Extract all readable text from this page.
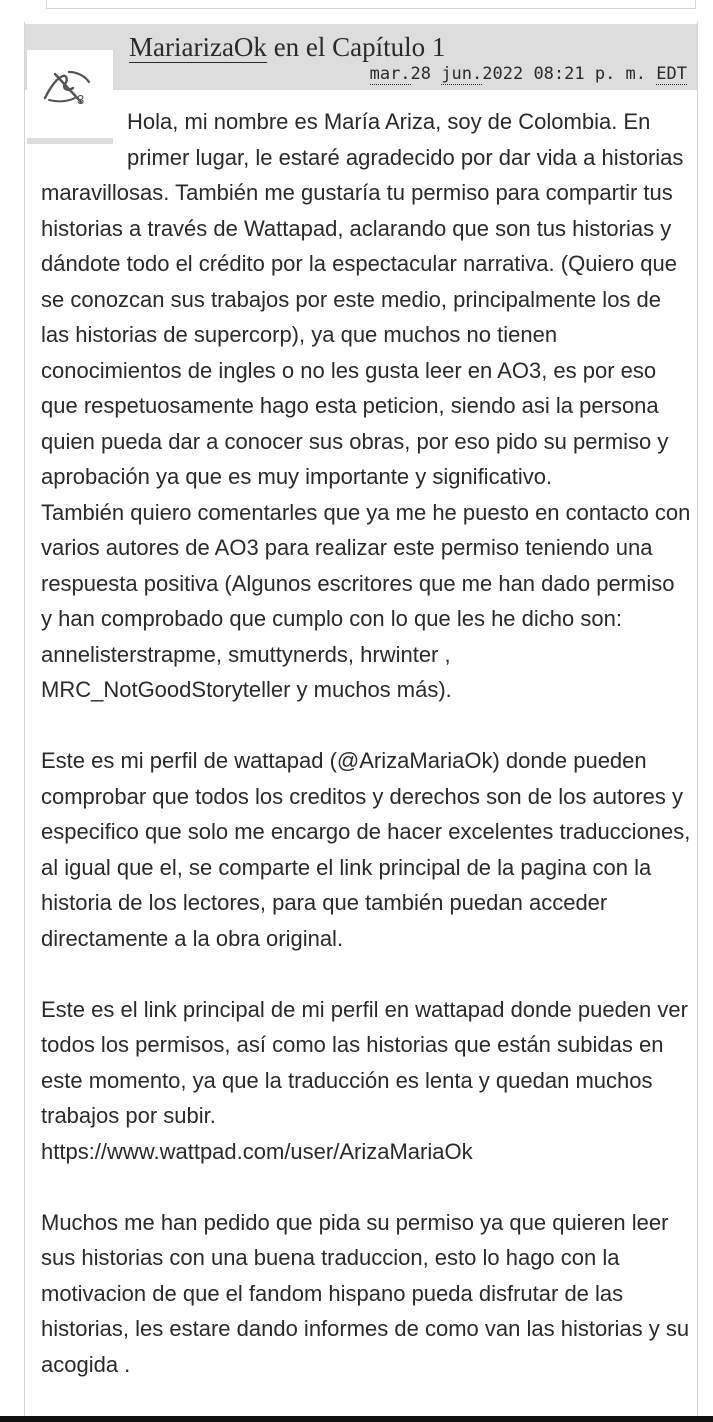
MariarizaOk en el Capítulo 1
mar.28 jun.2022 08:21 p. m. EDT
3

Hola, mi nombre es María Ariza, soy de Colombia. En primer lugar, le estaré agradecido por dar vida a historias maravillosas. También me gustaría tu permiso para compartir tus historias a través de Wattapad, aclarando que son tus historias y dándote todo el crédito por la espectacular narrativa. (Quiero que se conozcan sus trabajos por este medio, principalmente los de las historias de supercorp), ya que muchos no tienen conocimientos de ingles o no les gusta leer en AO3, es por eso que respetuosamente hago esta peticion, siendo asi la persona quien pueda dar a conocer sus obras, por eso pido su permiso y aprobación ya que es muy importante y significativo.

También quiero comentarles que ya me he puesto en contacto con varios autores de AO3 para realizar este permiso teniendo una respuesta positiva (Algunos escritores que me han dado permiso y han comprobado que cumplo con lo que les he dicho son: annelisterstrapme, smuttynerds, hrwinter , MRC_NotGoodStoryteller y muchos más).

Este es mi perfil de wattapad (@ArizaMariaOk) donde pueden comprobar que todos los creditos y derechos son de los autores y especifico que solo me encargo de hacer excelentes traducciones, al igual que el, se comparte el link principal de la pagina con la historia de los lectores, para que también puedan acceder directamente a la obra original.

Este es el link principal de mi perfil en wattapad donde pueden ver todos los permisos, así como las historias que están subidas en este momento, ya que la traducción es lenta y quedan muchos trabajos por subir.

https://www.wattpad.com/user/ArizaMariaOk

Muchos me han pedido que pida su permiso ya que quieren leer sus historias con una buena traduccion, esto lo hago con la motivacion de que el fandom hispano pueda disfrutar de las historias, les estare dando informes de como van las historias y su acogida .
